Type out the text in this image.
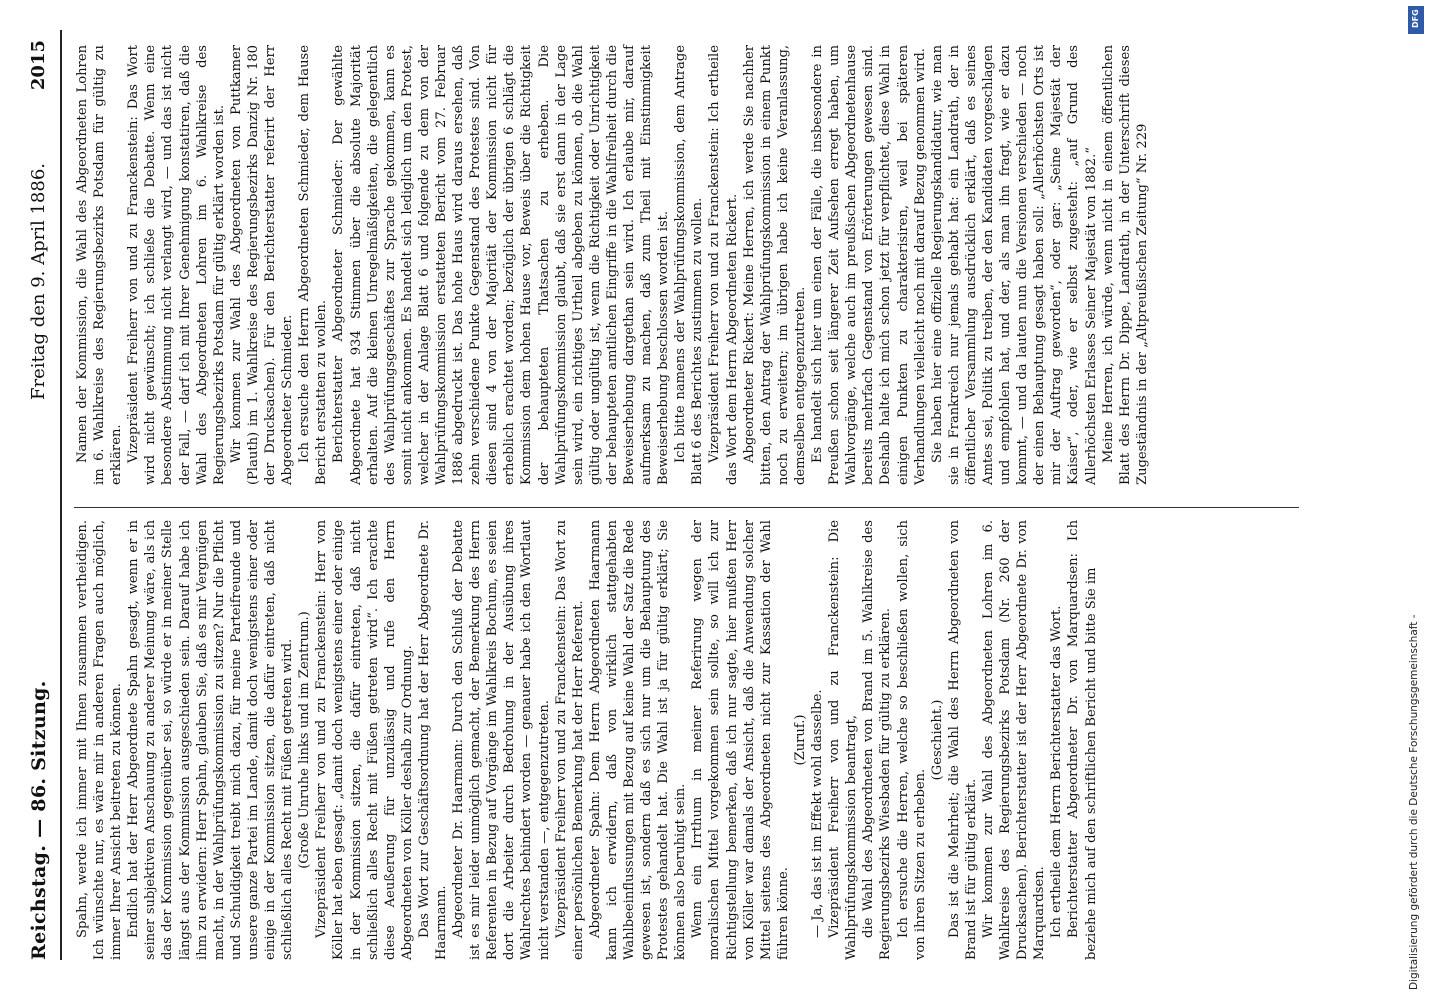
Reichstag. — 86. Sitzung.
Freitag den 9. April 1886.
2015

Spahn, werde ich immer mit Ihnen zusammen vertheidigen. Ich wünschte nur, es wäre mir in anderen Fragen auch möglich, immer Ihrer Ansicht beitreten zu können. Endlich hat der Herr Abgeordnete Spahn gesagt, wenn er in seiner subjektiven Anschauung zu anderer Meinung wäre, als ich das der Kommission gegenüber sei, so würde er in meiner Stelle längst aus der Kommission ausgeschieden sein. Darauf habe ich ihm zu erwidern: Herr Spahn, glauben Sie, daß es mir Vergnügen macht, in der Wahlprüfungskommission zu sitzen? Nur die Pflicht und Schuldigkeit treibt mich dazu, für meine Parteifreunde und unsere ganze Partei im Lande, damit doch wenigstens einer oder einige in der Kommission sitzen, die dafür eintreten, daß nicht schließlich alles Recht mit Füßen getreten wird. (Große Unruhe links und im Zentrum.) Vizepräsident Freiherr von und zu Franckenstein: Herr von Köller hat eben gesagt: „damit doch wenigstens einer oder einige in der Kommission sitzen, die dafür eintreten, daß nicht schließlich alles Recht mit Füßen getreten wird“. Ich erachte diese Aeußerung für unzulässig und rufe den Herrn Abgeordneten von Köller deshalb zur Ordnung. Das Wort zur Geschäftsordnung hat der Herr Abgeordnete Dr. Haarmann. Abgeordneter Dr. Haarmann: Durch den Schluß der Debatte ist es mir leider unmöglich gemacht, der Bemerkung des Herrn Referenten in Bezug auf Vorgänge im Wahlkreis Bochum, es seien dort die Arbeiter durch Bedrohung in der Ausübung ihres Wahlrechtes behindert worden — genauer habe ich den Wortlaut nicht verstanden —, entgegenzutreten. Vizepräsident Freiherr von und zu Franckenstein: Das Wort zu einer persönlichen Bemerkung hat der Herr Referent. Abgeordneter Spahn: Dem Herrn Abgeordneten Haarmann kann ich erwidern, daß von wirklich stattgehabten Wahlbeeinflussungen mit Bezug auf keine Wahl der Satz die Rede gewesen ist, sondern daß es sich nur um die Behauptung des Protestes gehandelt hat. Die Wahl ist ja für gültig erklärt; Sie können also beruhigt sein. Wenn ein Irrthum in meiner Referirung wegen der moralischen Mittel vorgekommen sein sollte, so will ich zur Richtigstellung bemerken, daß ich nur sagte, hier mußten Herr von Köller war damals der Ansicht, daß die Anwendung solcher Mittel seitens des Abgeordneten nicht zur Kassation der Wahl führen könne.

(Zuruf.) — Ja, das ist im Effekt wohl dasselbe. Vizepräsident Freiherr von und zu Franckenstein: Die Wahlprüfungskommission beantragt, die Wahl des Abgeordneten von Brand im 5. Wahlkreise des Regierungsbezirks Wiesbaden für gültig zu erklären. Ich ersuche die Herren, welche so beschließen wollen, sich von ihren Sitzen zu erheben.

(Geschieht.) Das ist die Mehrheit; die Wahl des Herrn Abgeordneten von Brand ist für gültig erklärt. Wir kommen zur Wahl des Abgeordneten Lohren im 6. Wahlkreise des Regierungsbezirks Potsdam (Nr. 260 der Drucksachen). Berichterstatter ist der Herr Abgeordnete Dr. von Marquardsen. Ich ertheile dem Herrn Berichterstatter das Wort. Berichterstatter Abgeordneter Dr. von Marquardsen: Ich beziehe mich auf den schriftlichen Bericht und bitte Sie im

Namen der Kommission, die Wahl des Abgeordneten Lohren im 6. Wahlkreise des Regierungsbezirks Potsdam für gültig zu erklären. Vizepräsident Freiherr von und zu Franckenstein: Das Wort wird nicht gewünscht; ich schließe die Debatte. Wenn eine besondere Abstimmung nicht verlangt wird, — und das ist nicht der Fall, — darf ich mit Ihrer Genehmigung konstatiren, daß die Wahl des Abgeordneten Lohren im 6. Wahlkreise des Regierungsbezirks Potsdam für gültig erklärt worden ist. Wir kommen zur Wahl des Abgeordneten von Puttkamer (Plauth) im 1. Wahlkreise des Regierungsbezirks Danzig Nr. 180 der Drucksachen). Für den Berichterstatter referirt der Herr Abgeordneter Schmieder. Ich ersuche den Herrn Abgeordneten Schmieder, dem Hause Bericht erstatten zu wollen. Berichterstatter Abgeordneter Schmieder: Der gewählte Abgeordnete hat 934 Stimmen über die absolute Majorität erhalten. Auf die kleinen Unregelmäßigkeiten, die gelegentlich des Wahlprüfungsgeschäftes zur Sprache gekommen, kann es somit nicht ankommen. Es handelt sich lediglich um den Protest, welcher in der Anlage Blatt 6 und folgende zu dem von der Wahlprüfungskommission erstatteten Bericht vom 27. Februar 1886 abgedruckt ist. Das hohe Haus wird daraus ersehen, daß zehn verschiedene Punkte Gegenstand des Protestes sind. Von diesen sind 4 von der Majorität der Kommission nicht für erheblich erachtet worden; bezüglich der übrigen 6 schlägt die Kommission dem hohen Hause vor, Beweis über die Richtigkeit der behaupteten Thatsachen zu erheben. Die Wahlprüfungskommission glaubt, daß sie erst dann in der Lage sein wird, ein richtiges Urtheil abgeben zu können, ob die Wahl gültig oder ungültig ist, wenn die Richtigkeit oder Unrichtigkeit der behaupteten amtlichen Eingriffe in die Wahlfreiheit durch die Beweiserhebung dargethan sein wird. Ich erlaube mir, darauf aufmerksam zu machen, daß zum Theil mit Einstimmigkeit Beweiserhebung beschlossen worden ist. Ich bitte namens der Wahlprüfungskommission, dem Antrage Blatt 6 des Berichtes zustimmen zu wollen. Vizepräsident Freiherr von und zu Franckenstein: Ich ertheile das Wort dem Herrn Abgeordneten Rickert. Abgeordneter Rickert: Meine Herren, ich werde Sie nachher bitten, den Antrag der Wahlprüfungskommission in einem Punkt noch zu erweitern; im übrigen habe ich keine Veranlassung, demselben entgegenzutreten. Es handelt sich hier um einen der Fälle, die insbesondere in Preußen schon seit längerer Zeit Aufsehen erregt haben, um Wahlvorgänge, welche auch im preußischen Abgeordnetenhause bereits mehrfach Gegenstand von Erörterungen gewesen sind. Deshalb halte ich mich schon jetzt für verpflichtet, diese Wahl in einigen Punkten zu charakterisiren, weil bei späteren Verhandlungen vielleicht noch mit darauf Bezug genommen wird. Sie haben hier eine offizielle Regierungskandidatur, wie man sie in Frankreich nur jemals gehabt hat: ein Landrath, der in öffentlicher Versammlung ausdrücklich erklärt, daß es seines Amtes sei, Politik zu treiben, der den Kandidaten vorgeschlagen und empfohlen hat, und der, als man ihn fragt, wie er dazu kommt, — und da lauten nun die Versionen verschieden — noch der einen Behauptung gesagt haben soll: „Allerhöchsten Orts ist mir der Auftrag geworden“, oder gar: „Seine Majestät der Kaiser“, oder, wie er selbst zugesteht: „auf Grund des Allerhöchsten Erlasses Seiner Majestät von 1882.“ Meine Herren, ich würde, wenn nicht in einem öffentlichen Blatt des Herrn Dr. Dippe, Landrath, in der Unterschrift dieses Zugeständnis in der „Altpreußischen Zeitung“ Nr. 229

Digitalisierung gefördert durch die Deutsche Forschungsgemeinschaft -
DFG
